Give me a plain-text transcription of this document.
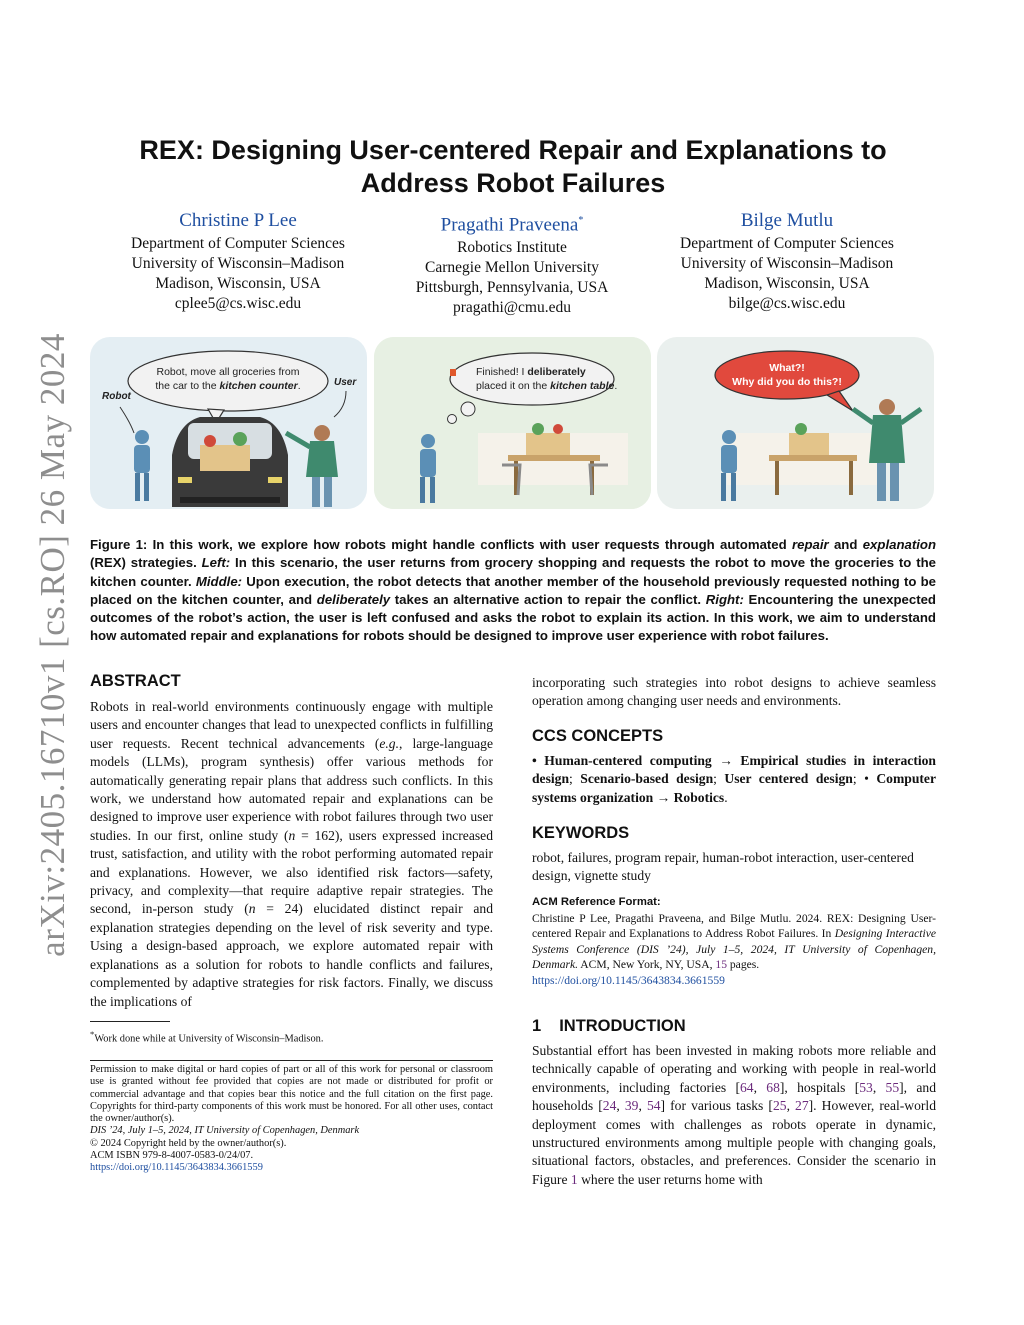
arXiv:2405.16710v1 [cs.RO] 26 May 2024
REX: Designing User-centered Repair and Explanations to
Address Robot Failures
Christine P Lee
Department of Computer Sciences
University of Wisconsin–Madison
Madison, Wisconsin, USA
cplee5@cs.wisc.edu
Pragathi Praveena*
Robotics Institute
Carnegie Mellon University
Pittsburgh, Pennsylvania, USA
pragathi@cmu.edu
Bilge Mutlu
Department of Computer Sciences
University of Wisconsin–Madison
Madison, Wisconsin, USA
bilge@cs.wisc.edu
Robot, move all groceries from
the car to the kitchen counter.
Robot
User
Finished! I deliberately
placed it on the kitchen table.
What?!
Why did you do this?!
Figure 1: In this work, we explore how robots might handle conflicts with user requests through automated repair and explanation (REX) strategies. Left: In this scenario, the user returns from grocery shopping and requests the robot to move the groceries to the kitchen counter. Middle: Upon execution, the robot detects that another member of the household previously requested nothing to be placed on the kitchen counter, and deliberately takes an alternative action to repair the conflict. Right: Encountering the unexpected outcomes of the robot’s action, the user is left confused and asks the robot to explain its action. In this work, we aim to understand how automated repair and explanations for robots should be designed to improve user experience with robot failures.
ABSTRACT
Robots in real-world environments continuously engage with multiple users and encounter changes that lead to unexpected conflicts in fulfilling user requests. Recent technical advancements (e.g., large-language models (LLMs), program synthesis) offer various methods for automatically generating repair plans that address such conflicts. In this work, we understand how automated repair and explanations can be designed to improve user experience with robot failures through two user studies. In our first, online study (n = 162), users expressed increased trust, satisfaction, and utility with the robot performing automated repair and explanations. However, we also identified risk factors—safety, privacy, and complexity—that require adaptive repair strategies. The second, in-person study (n = 24) elucidated distinct repair and explanation strategies depending on the level of risk severity and type. Using a design-based approach, we explore automated repair with explanations as a solution for robots to handle conflicts and failures, complemented by adaptive strategies for risk factors. Finally, we discuss the implications of
*Work done while at University of Wisconsin–Madison.
Permission to make digital or hard copies of part or all of this work for personal or classroom use is granted without fee provided that copies are not made or distributed for profit or commercial advantage and that copies bear this notice and the full citation on the first page. Copyrights for third-party components of this work must be honored. For all other uses, contact the owner/author(s).
DIS ’24, July 1–5, 2024, IT University of Copenhagen, Denmark
© 2024 Copyright held by the owner/author(s).
ACM ISBN 979-8-4007-0583-0/24/07.
https://doi.org/10.1145/3643834.3661559
incorporating such strategies into robot designs to achieve seamless operation among changing user needs and environments.
CCS CONCEPTS
• Human-centered computing → Empirical studies in interaction design; Scenario-based design; User centered design; • Computer systems organization → Robotics.
KEYWORDS
robot, failures, program repair, human-robot interaction, user-centered design, vignette study
ACM Reference Format:
Christine P Lee, Pragathi Praveena, and Bilge Mutlu. 2024. REX: Designing User-centered Repair and Explanations to Address Robot Failures. In Designing Interactive Systems Conference (DIS ’24), July 1–5, 2024, IT University of Copenhagen, Denmark. ACM, New York, NY, USA, 15 pages.
https://doi.org/10.1145/3643834.3661559
1 INTRODUCTION
Substantial effort has been invested in making robots more reliable and technically capable of operating and working with people in real-world environments, including factories [64, 68], hospitals [53, 55], and households [24, 39, 54] for various tasks [25, 27]. However, real-world deployment comes with challenges as robots operate in dynamic, unstructured environments among multiple people with changing goals, situational factors, obstacles, and preferences. Consider the scenario in Figure 1 where the user returns home with
